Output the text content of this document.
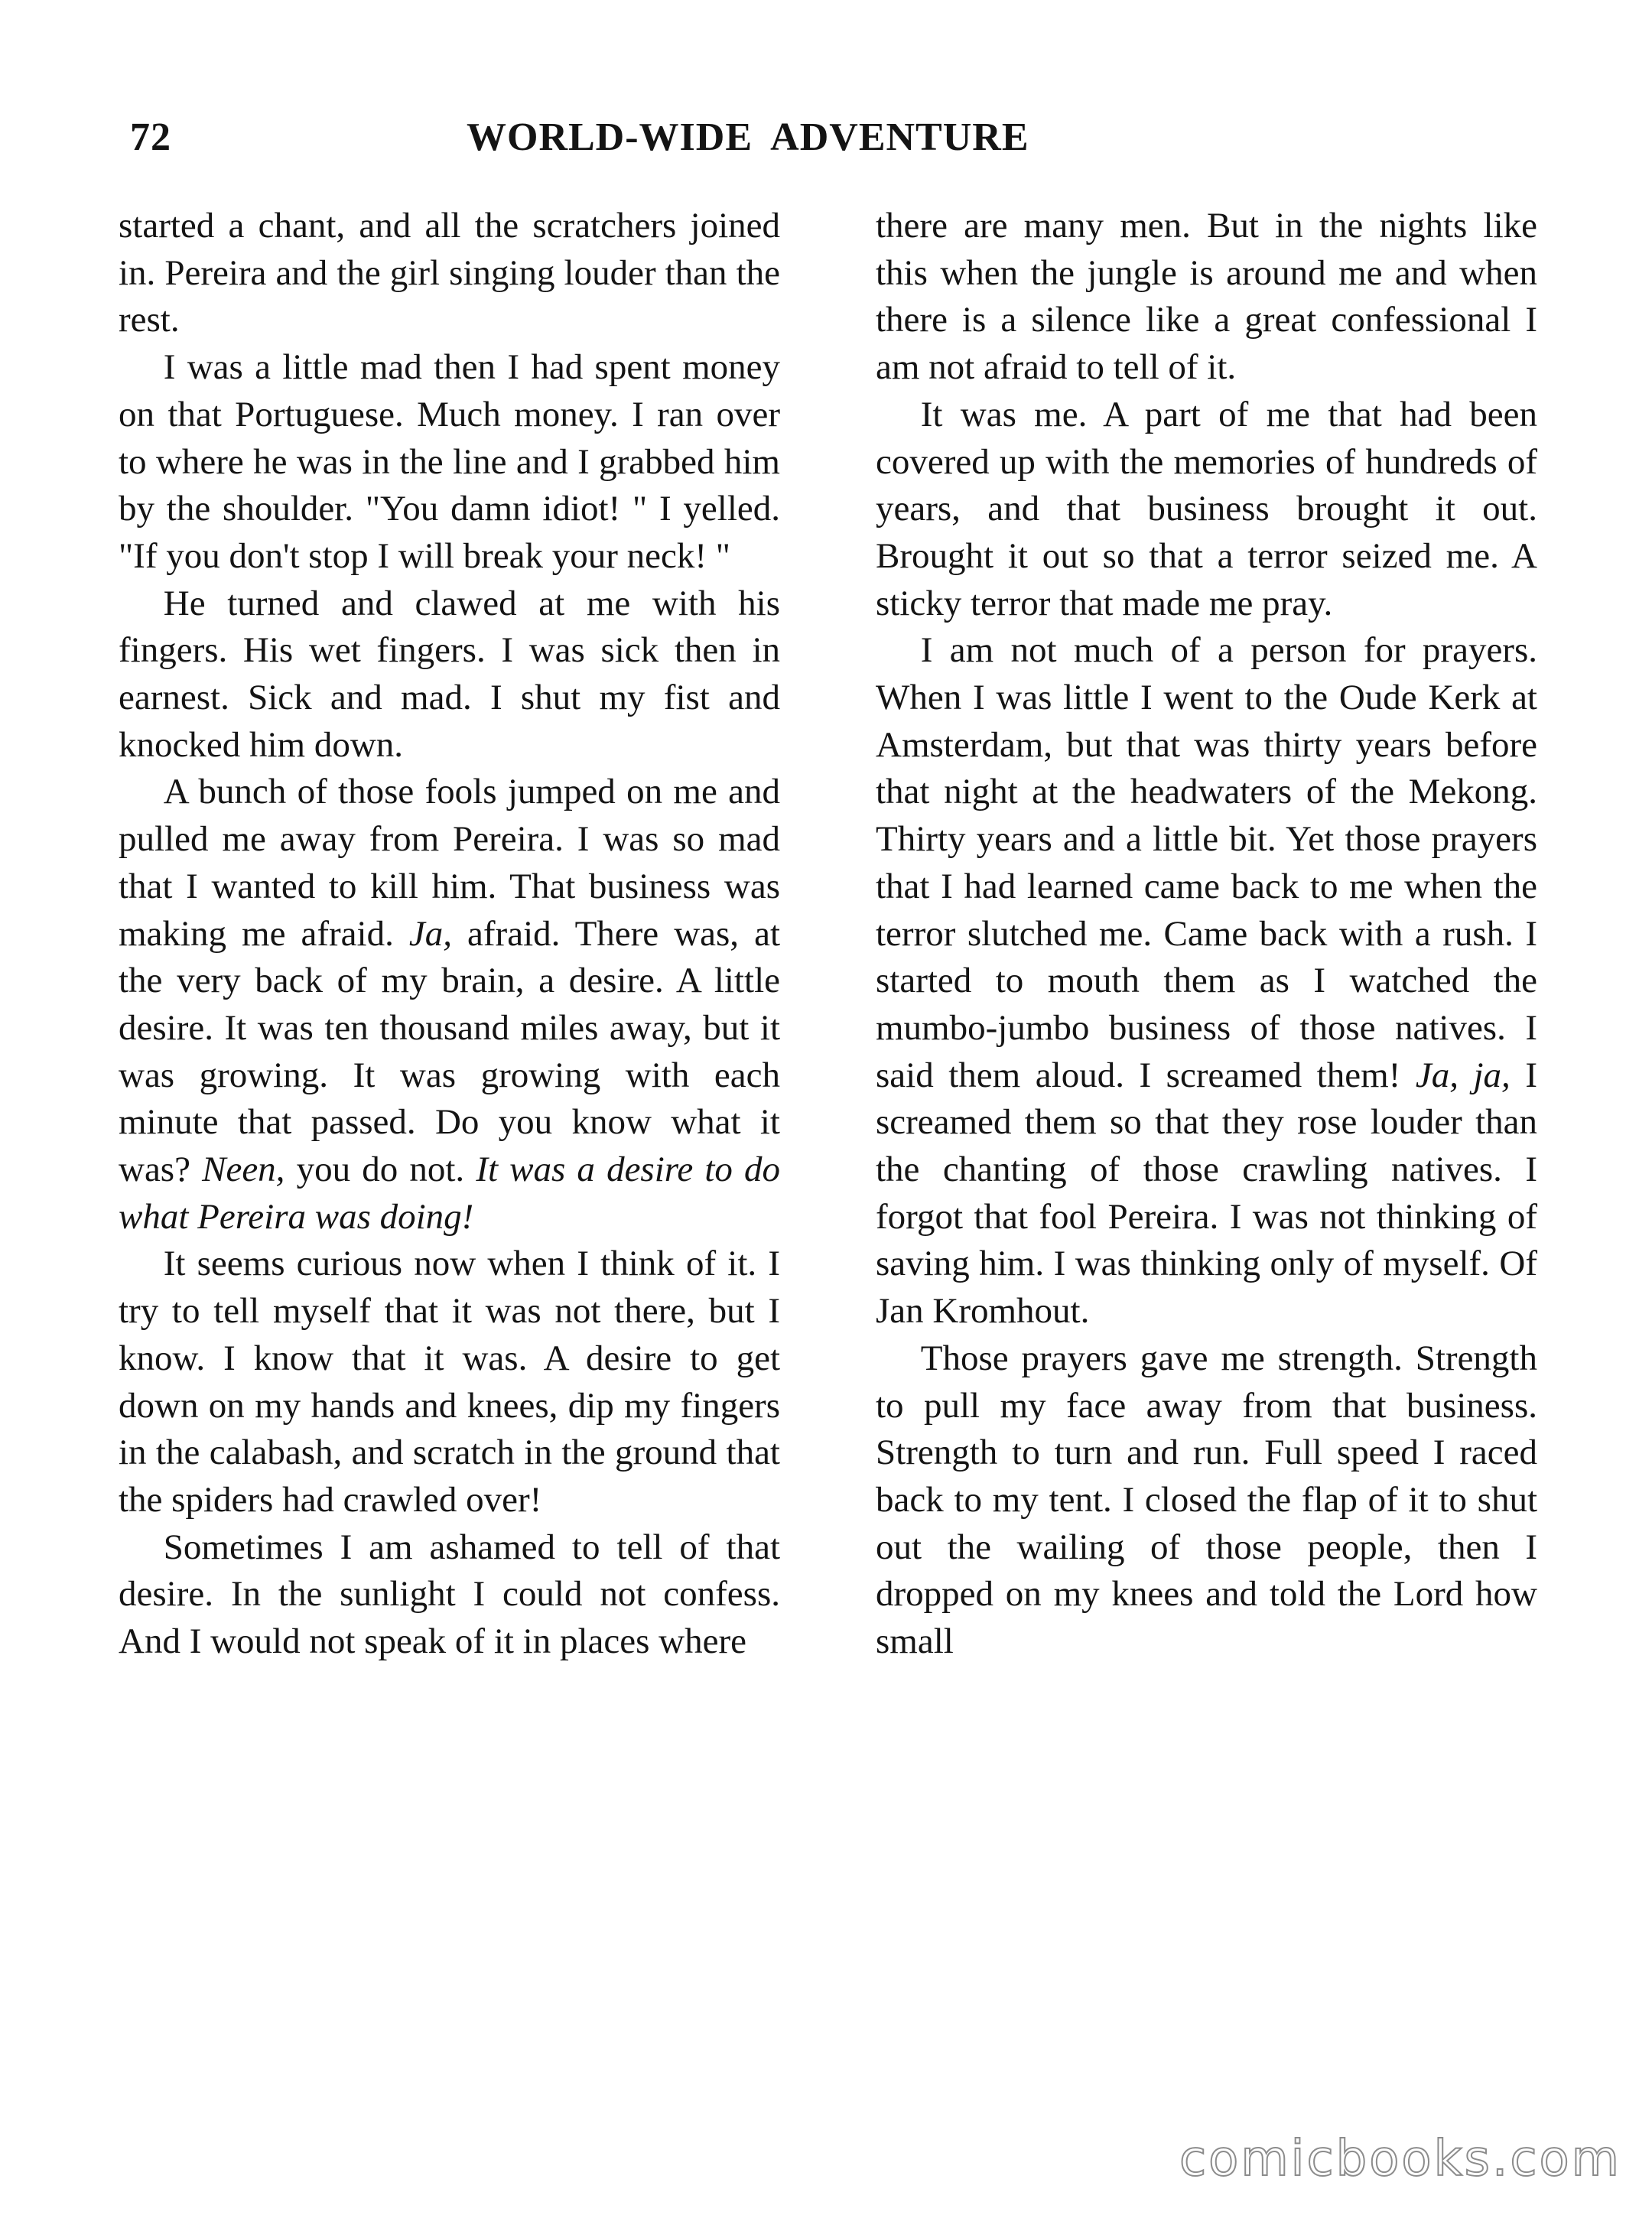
72	WORLD-WIDE ADVENTURE

started a chant, and all the scratchers joined in. Pereira and the girl singing louder than the rest.

I was a little mad then I had spent money on that Portuguese. Much money. I ran over to where he was in the line and I grabbed him by the shoulder. "You damn idiot! " I yelled. "If you don't stop I will break your neck! "

He turned and clawed at me with his fingers. His wet fingers. I was sick then in earnest. Sick and mad. I shut my fist and knocked him down.

A bunch of those fools jumped on me and pulled me away from Pereira. I was so mad that I wanted to kill him. That business was making me afraid. Ja, afraid. There was, at the very back of my brain, a desire. A little desire. It was ten thousand miles away, but it was growing. It was growing with each minute that passed. Do you know what it was? Neen, you do not. It was a desire to do what Pereira was doing!

It seems curious now when I think of it. I try to tell myself that it was not there, but I know. I know that it was. A desire to get down on my hands and knees, dip my fingers in the calabash, and scratch in the ground that the spiders had crawled over!

Sometimes I am ashamed to tell of that desire. In the sunlight I could not confess. And I would not speak of it in places where

there are many men. But in the nights like this when the jungle is around me and when there is a silence like a great confessional I am not afraid to tell of it.

It was me. A part of me that had been covered up with the memories of hundreds of years, and that business brought it out. Brought it out so that a terror seized me. A sticky terror that made me pray.

I am not much of a person for prayers. When I was little I went to the Oude Kerk at Amsterdam, but that was thirty years before that night at the headwaters of the Mekong. Thirty years and a little bit. Yet those prayers that I had learned came back to me when the terror slutched me. Came back with a rush. I started to mouth them as I watched the mumbo-jumbo business of those natives. I said them aloud. I screamed them! Ja, ja, I screamed them so that they rose louder than the chanting of those crawling natives. I forgot that fool Pereira. I was not thinking of saving him. I was thinking only of myself. Of Jan Kromhout.

Those prayers gave me strength. Strength to pull my face away from that business. Strength to turn and run. Full speed I raced back to my tent. I closed the flap of it to shut out the wailing of those people, then I dropped on my knees and told the Lord how small

comicbooks.com
